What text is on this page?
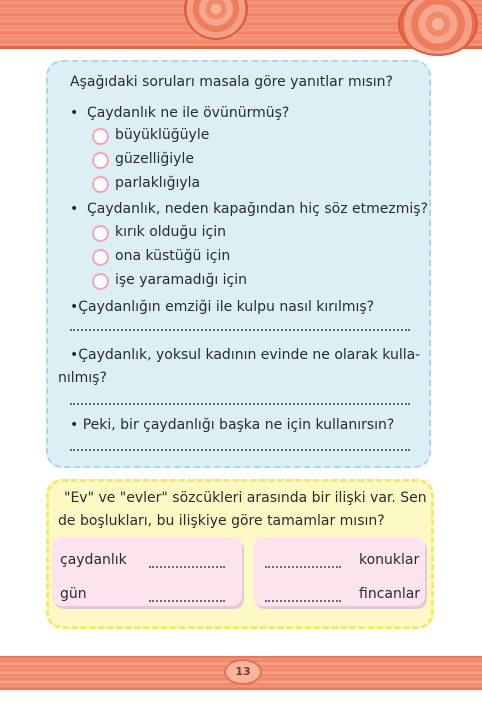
Aşağıdaki soruları masala göre yanıtlar mısın?
• Çaydanlık ne ile övünürmüş?
büyüklüğüyle
güzelliğiyle
parlaklığıyla
• Çaydanlık, neden kapağından hiç söz etmezmiş?
kırık olduğu için
ona küstüğü için
işe yaramadığı için
•Çaydanlığın emziği ile kulpu nasıl kırılmış?
•Çaydanlık, yoksul kadının evinde ne olarak kulla-
nılmış?
• Peki, bir çaydanlığı başka ne için kullanırsın?
"Ev" ve "evler" sözcükleri arasında bir ilişki var. Sen
de boşlukları, bu ilişkiye göre tamamlar mısın?
çaydanlık
gün
konuklar
fincanlar
13
